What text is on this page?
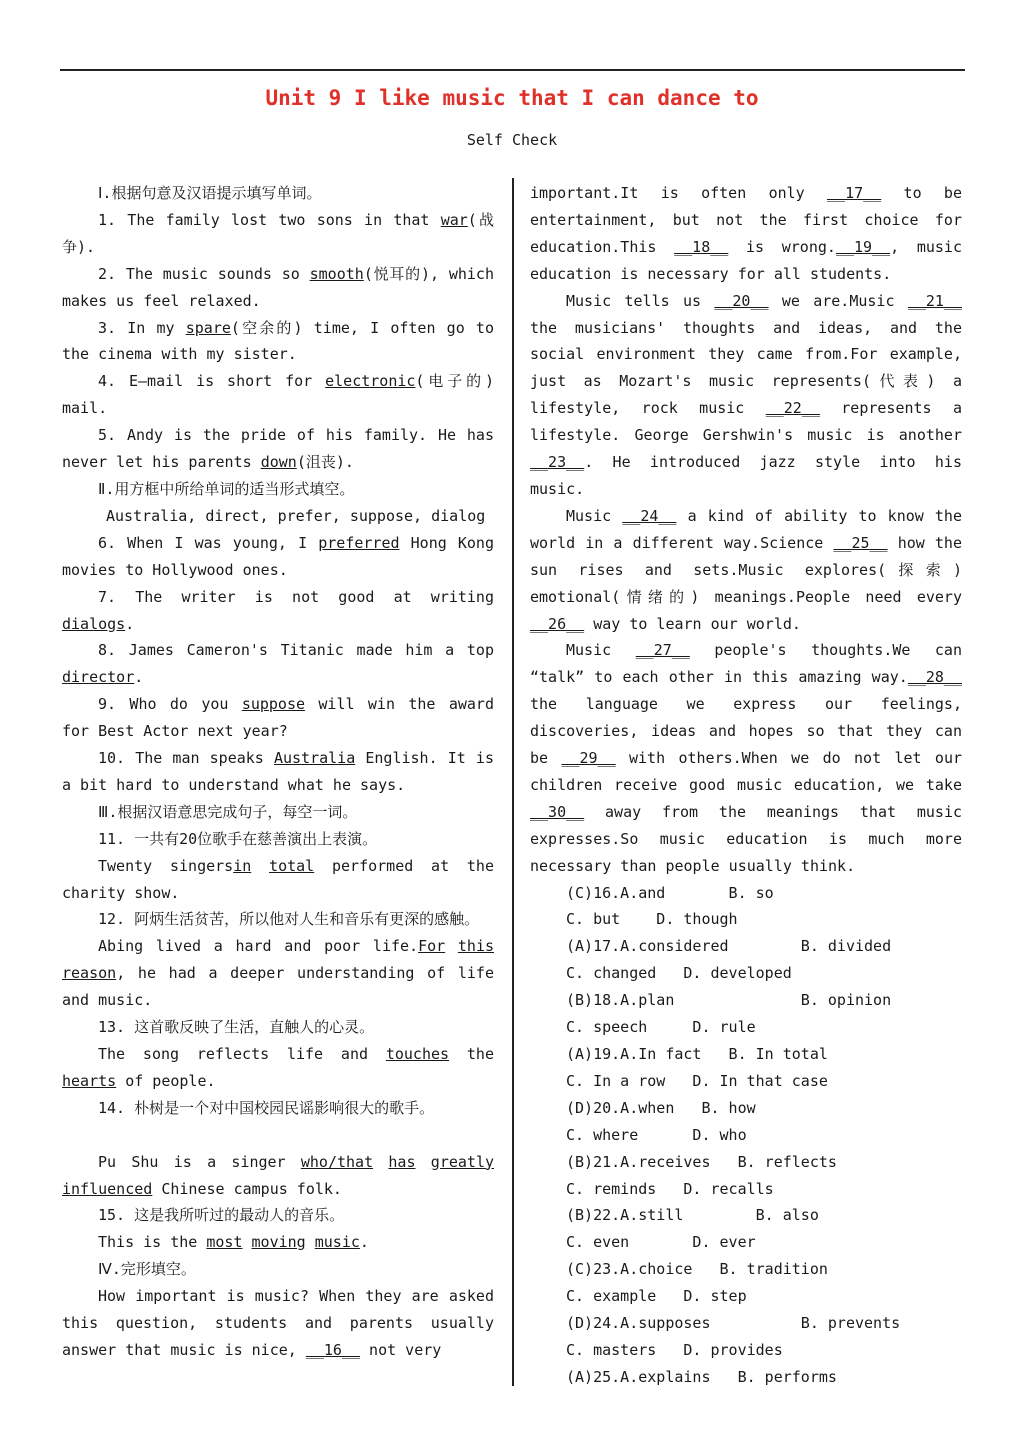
Unit 9 I like music that I can dance to
Self Check

Ⅰ.根据句意及汉语提示填写单词。

1. The family lost two sons in that war(战争).

2. The music sounds so smooth(悦耳的), which makes us feel relaxed.

3. In my spare(空余的) time, I often go to the cinema with my sister.

4. E—mail is short for electronic(电子的) mail.

5. Andy is the pride of his family. He has never let his parents down(沮丧).

Ⅱ.用方框中所给单词的适当形式填空。

Australia, direct, prefer, suppose, dialog

6. When I was young, I preferred Hong Kong movies to Hollywood ones.

7. The writer is not good at writing dialogs.

8. James Cameron's Titanic made him a top director.

9. Who do you suppose will win the award for Best Actor next year?

10. The man speaks Australia English. It is a bit hard to understand what he says.

Ⅲ.根据汉语意思完成句子，每空一词。

11. 一共有20位歌手在慈善演出上表演。

Twenty singersin total performed at the charity show.

12. 阿炳生活贫苦，所以他对人生和音乐有更深的感触。

Abing lived a hard and poor life.For this reason, he had a deeper understanding of life and music.

13. 这首歌反映了生活，直触人的心灵。

The song reflects life and touches the hearts of people.

14. 朴树是一个对中国校园民谣影响很大的歌手。

Pu Shu is a singer who/that has greatly influenced Chinese campus folk.

15. 这是我所听过的最动人的音乐。

This is the most moving music.

Ⅳ.完形填空。

How important is music? When they are asked this question, students and parents usually answer that music is nice, __16__ not very

important.It is often only __17__ to be entertainment, but not the first choice for education.This __18__ is wrong.__19__, music education is necessary for all students.

Music tells us __20__ we are.Music __21__ the musicians' thoughts and ideas, and the social environment they came from.For example, just as Mozart's music represents(代表) a lifestyle, rock music __22__ represents a lifestyle. George Gershwin's music is another __23__. He introduced jazz style into his music.

Music __24__ a kind of ability to know the world in a different way.Science __25__ how the sun rises and sets.Music explores(探索) emotional(情绪的) meanings.People need every __26__ way to learn our world.

Music __27__ people's thoughts.We can “talk” to each other in this amazing way.__28__ the language we express our feelings, discoveries, ideas and hopes so that they can be __29__ with others.When we do not let our children receive good music education, we take __30__ away from the meanings that music expresses.So music education is much more necessary than people usually think.

(C)16.A.and       B. so

C. but    D. though

(A)17.A.considered        B. divided

C. changed   D. developed

(B)18.A.plan              B. opinion

C. speech     D. rule

(A)19.A.In fact   B. In total

C. In a row   D. In that case

(D)20.A.when   B. how

C. where      D. who

(B)21.A.receives   B. reflects

C. reminds   D. recalls

(B)22.A.still        B. also

C. even       D. ever

(C)23.A.choice   B. tradition

C. example   D. step

(D)24.A.supposes          B. prevents

C. masters   D. provides

(A)25.A.explains   B. performs
